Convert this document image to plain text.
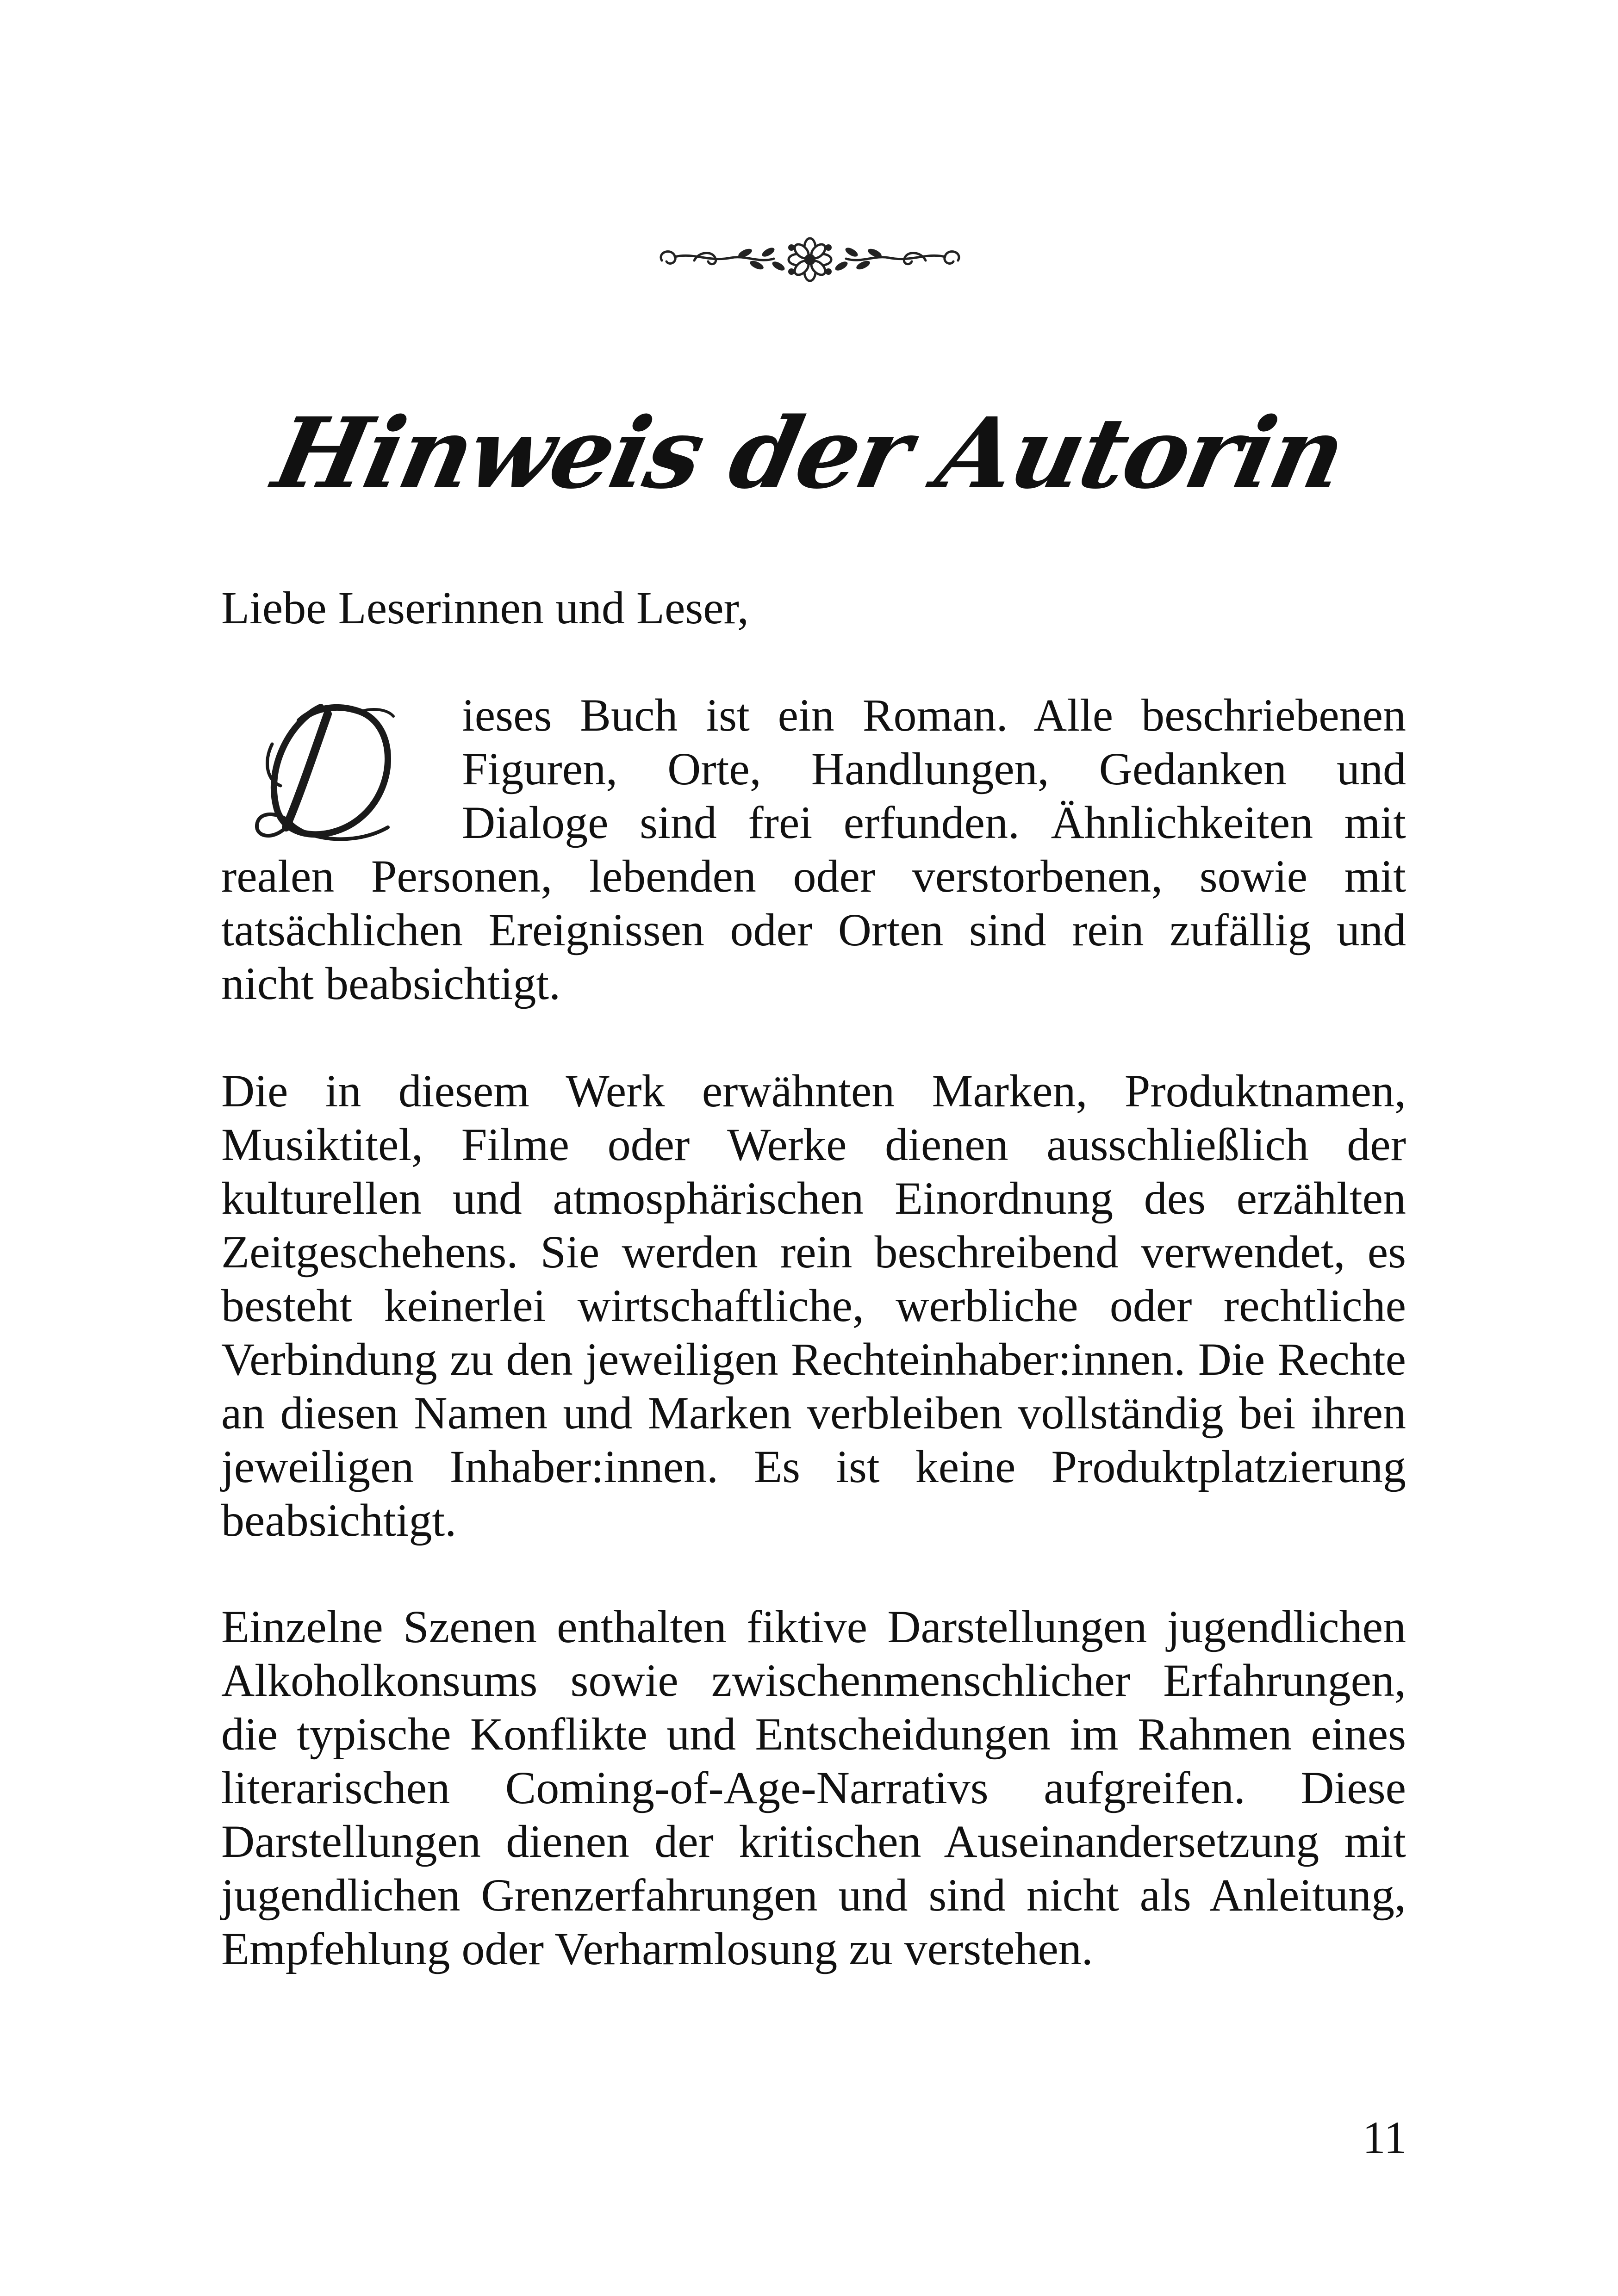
Hinweis der Autorin
Liebe Leserinnen und Leser,
ieses Buch ist ein Roman. Alle beschriebenen Figuren, Orte, Handlungen, Gedanken und Dialoge sind frei erfunden. Ähnlichkeiten mit realen Personen, lebenden oder verstorbenen, sowie mit tatsächlichen Ereignissen oder Orten sind rein zufällig und nicht beabsichtigt.
Die in diesem Werk erwähnten Marken, Produktnamen, Musiktitel, Filme oder Werke dienen ausschließlich der kulturellen und atmosphärischen Einordnung des erzählten Zeitgeschehens. Sie werden rein beschreibend verwendet, es besteht keinerlei wirtschaftliche, werbliche oder rechtliche Verbindung zu den jeweiligen Rechteinhaber:innen. Die Rechte an diesen Namen und Marken verbleiben vollständig bei ihren jeweiligen Inhaber:innen. Es ist keine Produktplatzierung beabsichtigt.
Einzelne Szenen enthalten fiktive Darstellungen jugendlichen Alkoholkonsums sowie zwischenmenschlicher Erfahrungen, die typische Konflikte und Entscheidungen im Rahmen eines literarischen Coming-of-Age-Narrativs aufgreifen. Diese Darstellungen dienen der kritischen Auseinandersetzung mit jugendlichen Grenzerfahrungen und sind nicht als Anleitung, Empfehlung oder Verharmlosung zu verstehen.
11
